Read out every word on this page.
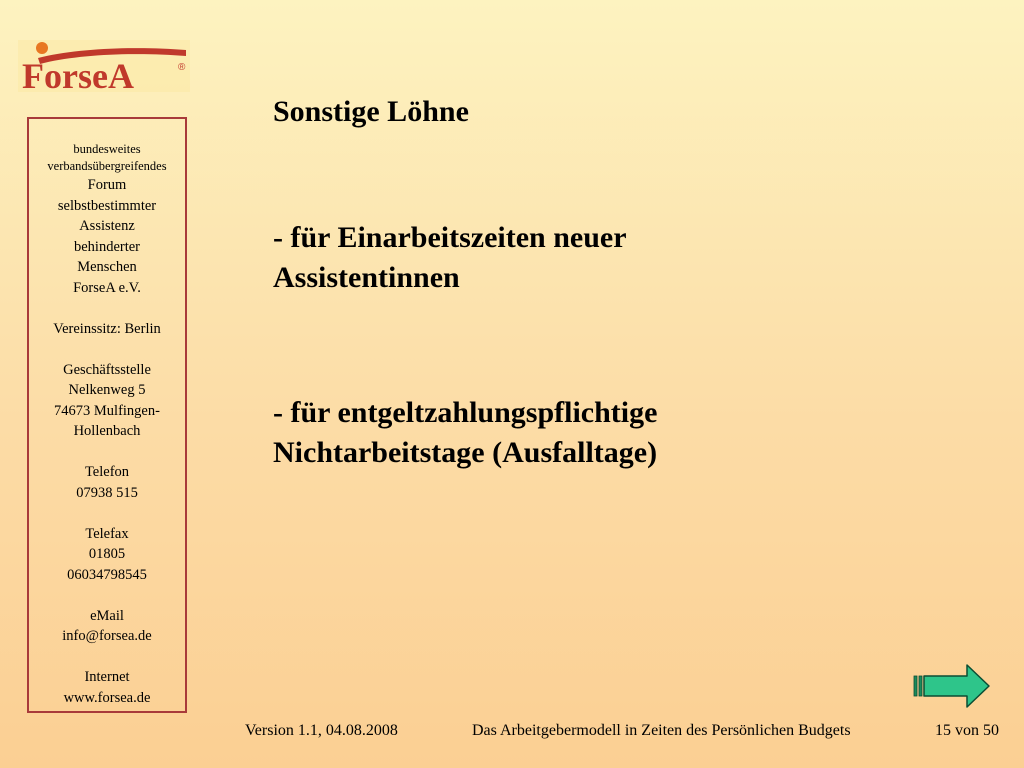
ForseA	®
bundesweites
verbandsübergreifendes
Forum
selbstbestimmter
Assistenz
behinderter
Menschen
ForseA e.V.
Vereinssitz: Berlin
Geschäftsstelle
Nelkenweg 5
74673 Mulfingen-
Hollenbach
Telefon
07938 515
Telefax
01805
06034798545
eMail
info@forsea.de
Internet
www.forsea.de
Sonstige Löhne
- für Einarbeitszeiten neuer
Assistentinnen
- für entgeltzahlungspflichtige
Nichtarbeitstage (Ausfalltage)
Version 1.1, 04.08.2008	Das Arbeitgebermodell in Zeiten des Persönlichen Budgets	15 von 50
